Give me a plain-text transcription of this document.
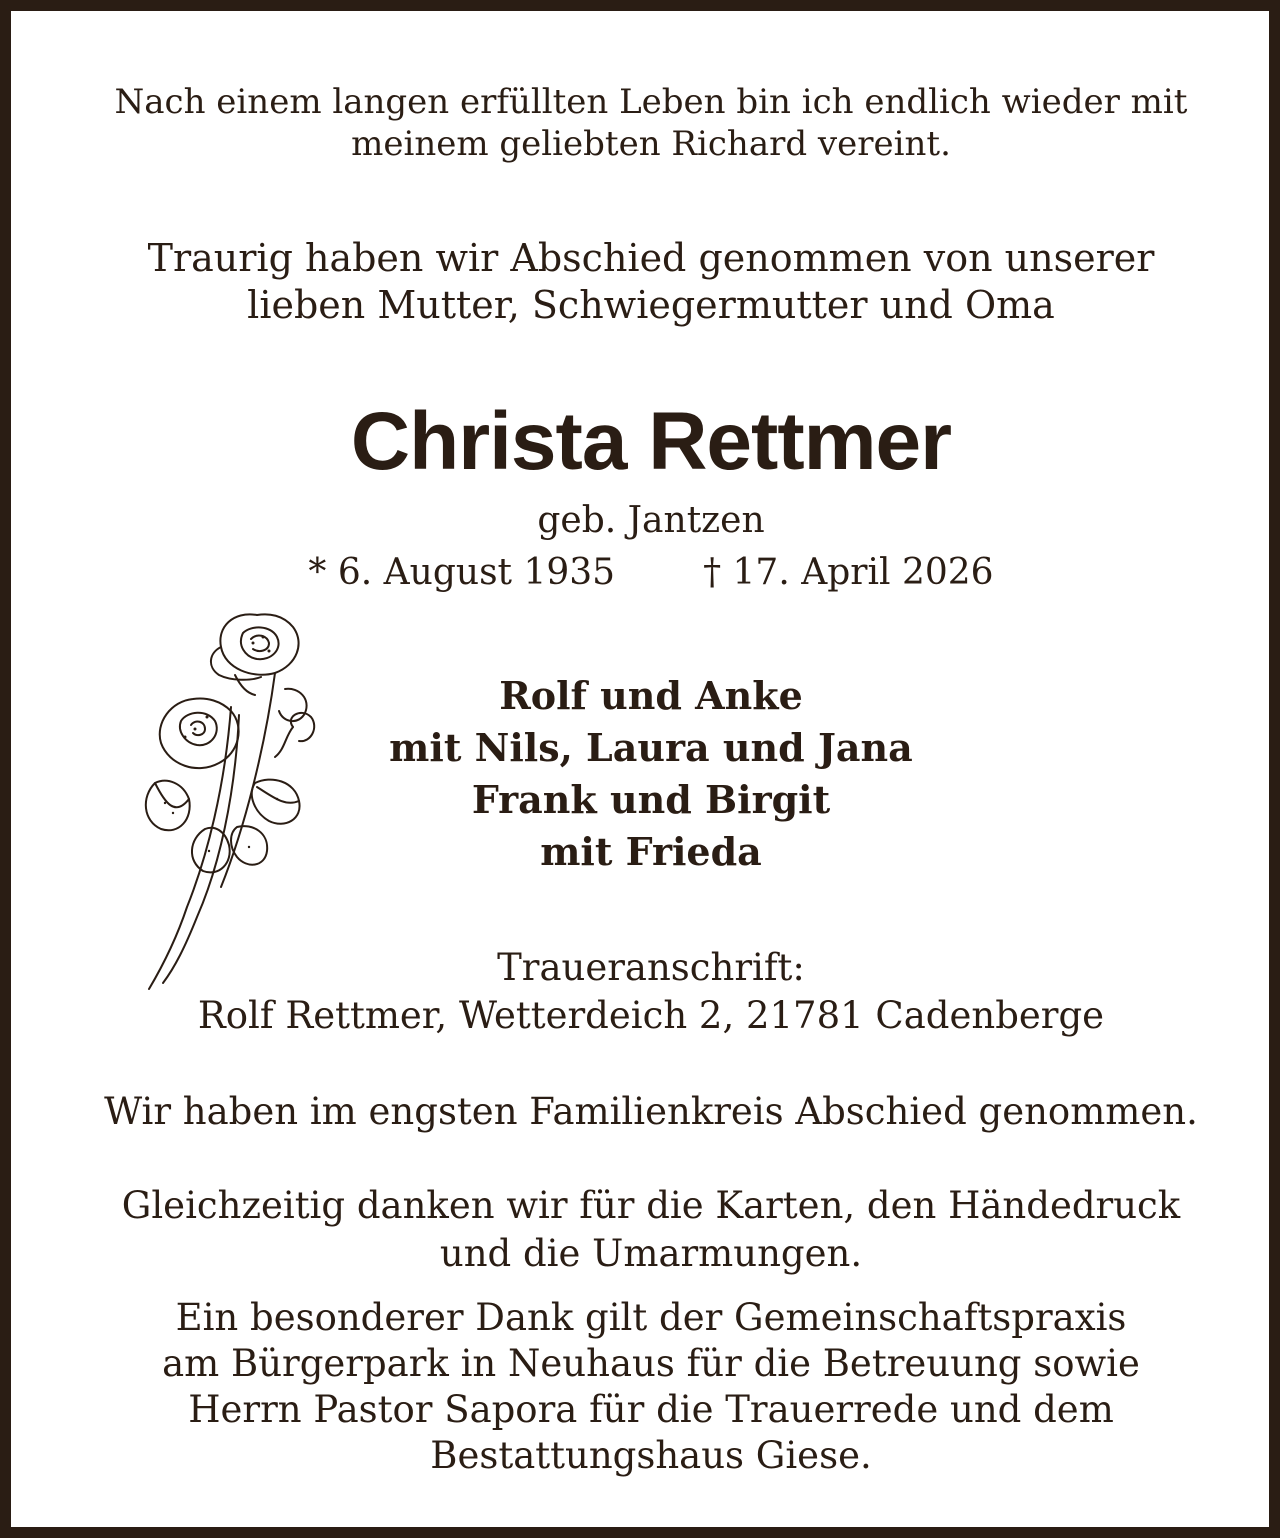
Nach einem langen erfüllten Leben bin ich endlich wieder mit
meinem geliebten Richard vereint.
Traurig haben wir Abschied genommen von unserer
lieben Mutter, Schwiegermutter und Oma
Christa Rettmer
geb. Jantzen
* 6. August 1935 † 17. April 2026
Rolf und Anke
mit Nils, Laura und Jana
Frank und Birgit
mit Frieda
Traueranschrift:
Rolf Rettmer, Wetterdeich 2, 21781 Cadenberge
Wir haben im engsten Familienkreis Abschied genommen.
Gleichzeitig danken wir für die Karten, den Händedruck
und die Umarmungen.
Ein besonderer Dank gilt der Gemeinschaftspraxis
am Bürgerpark in Neuhaus für die Betreuung sowie
Herrn Pastor Sapora für die Trauerrede und dem
Bestattungshaus Giese.
